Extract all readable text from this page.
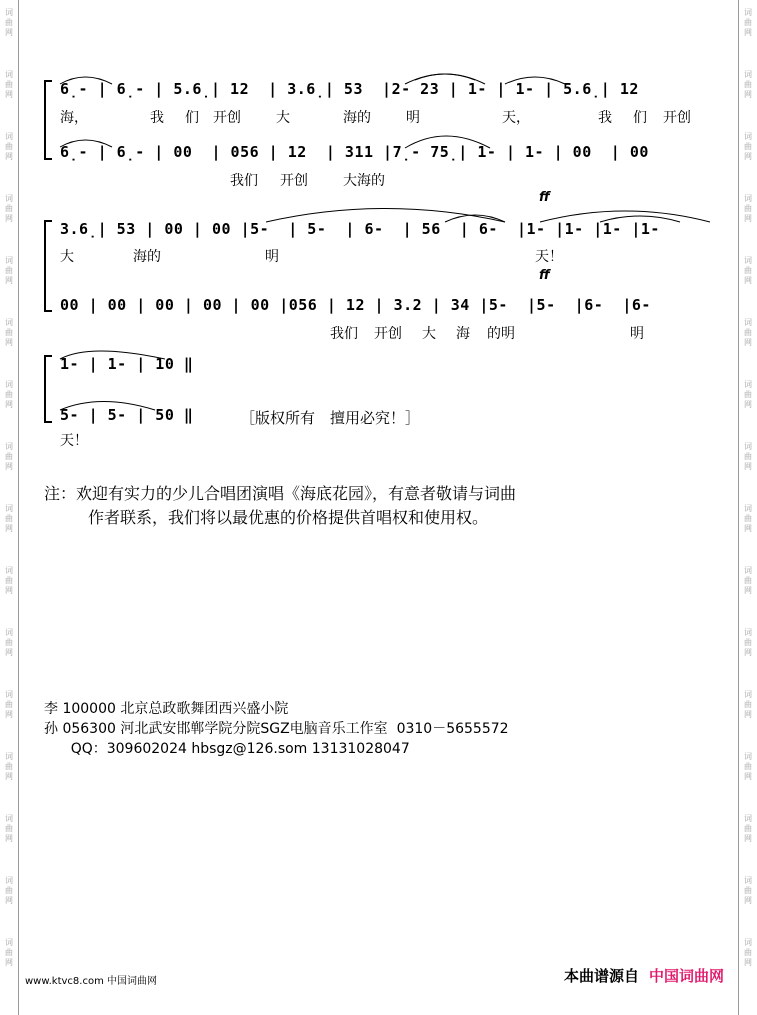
词
曲
网
词
曲
网
词
曲
网
词
曲
网
词
曲
网
词
曲
网
词
曲
网
词
曲
网
词
曲
网
词
曲
网
词
曲
网
词
曲
网
词
曲
网
词
曲
网
词
曲
网
词
曲
网
词
曲
网
词
曲
网
词
曲
网
词
曲
网
词
曲
网
词
曲
网
词
曲
网
词
曲
网
词
曲
网
词
曲
网
词
曲
网
词
曲
网
词
曲
网
词
曲
网
词
曲
网
词
曲
网
6̣- | 6̣- | 5.6̣| 12  | 3.6̣| 53  |2- 23 | 1- | 1- | 5.6̣| 12
海，	我 们 开创	大	海的	明	天，	我 们 开创
6̣- | 6̣- | 00  | 056 | 12  | 311 |7̣- 75̣| 1- | 1- | 00  | 00
我们 开创	大海的
ff
3.6̣| 53 | 00 | 00 |5-  | 5-  | 6-  | 56  | 6-  |1- |1- |1- |1-
大	海的	明	天！
ff
00 | 00 | 00 | 00 | 00 |056 | 12 | 3.2 | 34 |5-  |5-  |6-  |6-
我们 开创 大 海 的明	明
1- | 1- | 10 ‖
5- | 5- | 50 ‖	［版权所有　擅用必究！］
天！
注：欢迎有实力的少儿合唱团演唱《海底花园》，有意者敬请与词曲
作者联系，我们将以最优惠的价格提供首唱权和使用权。
李 100000 北京总政歌舞团西兴盛小院
孙 056300 河北武安邯郸学院分院SGZ电脑音乐工作室  0310－5655572
QQ：309602024 hbsgz@126.som 13131028047
www.ktvc8.com 中国词曲网	本曲谱源自 中国词曲网
